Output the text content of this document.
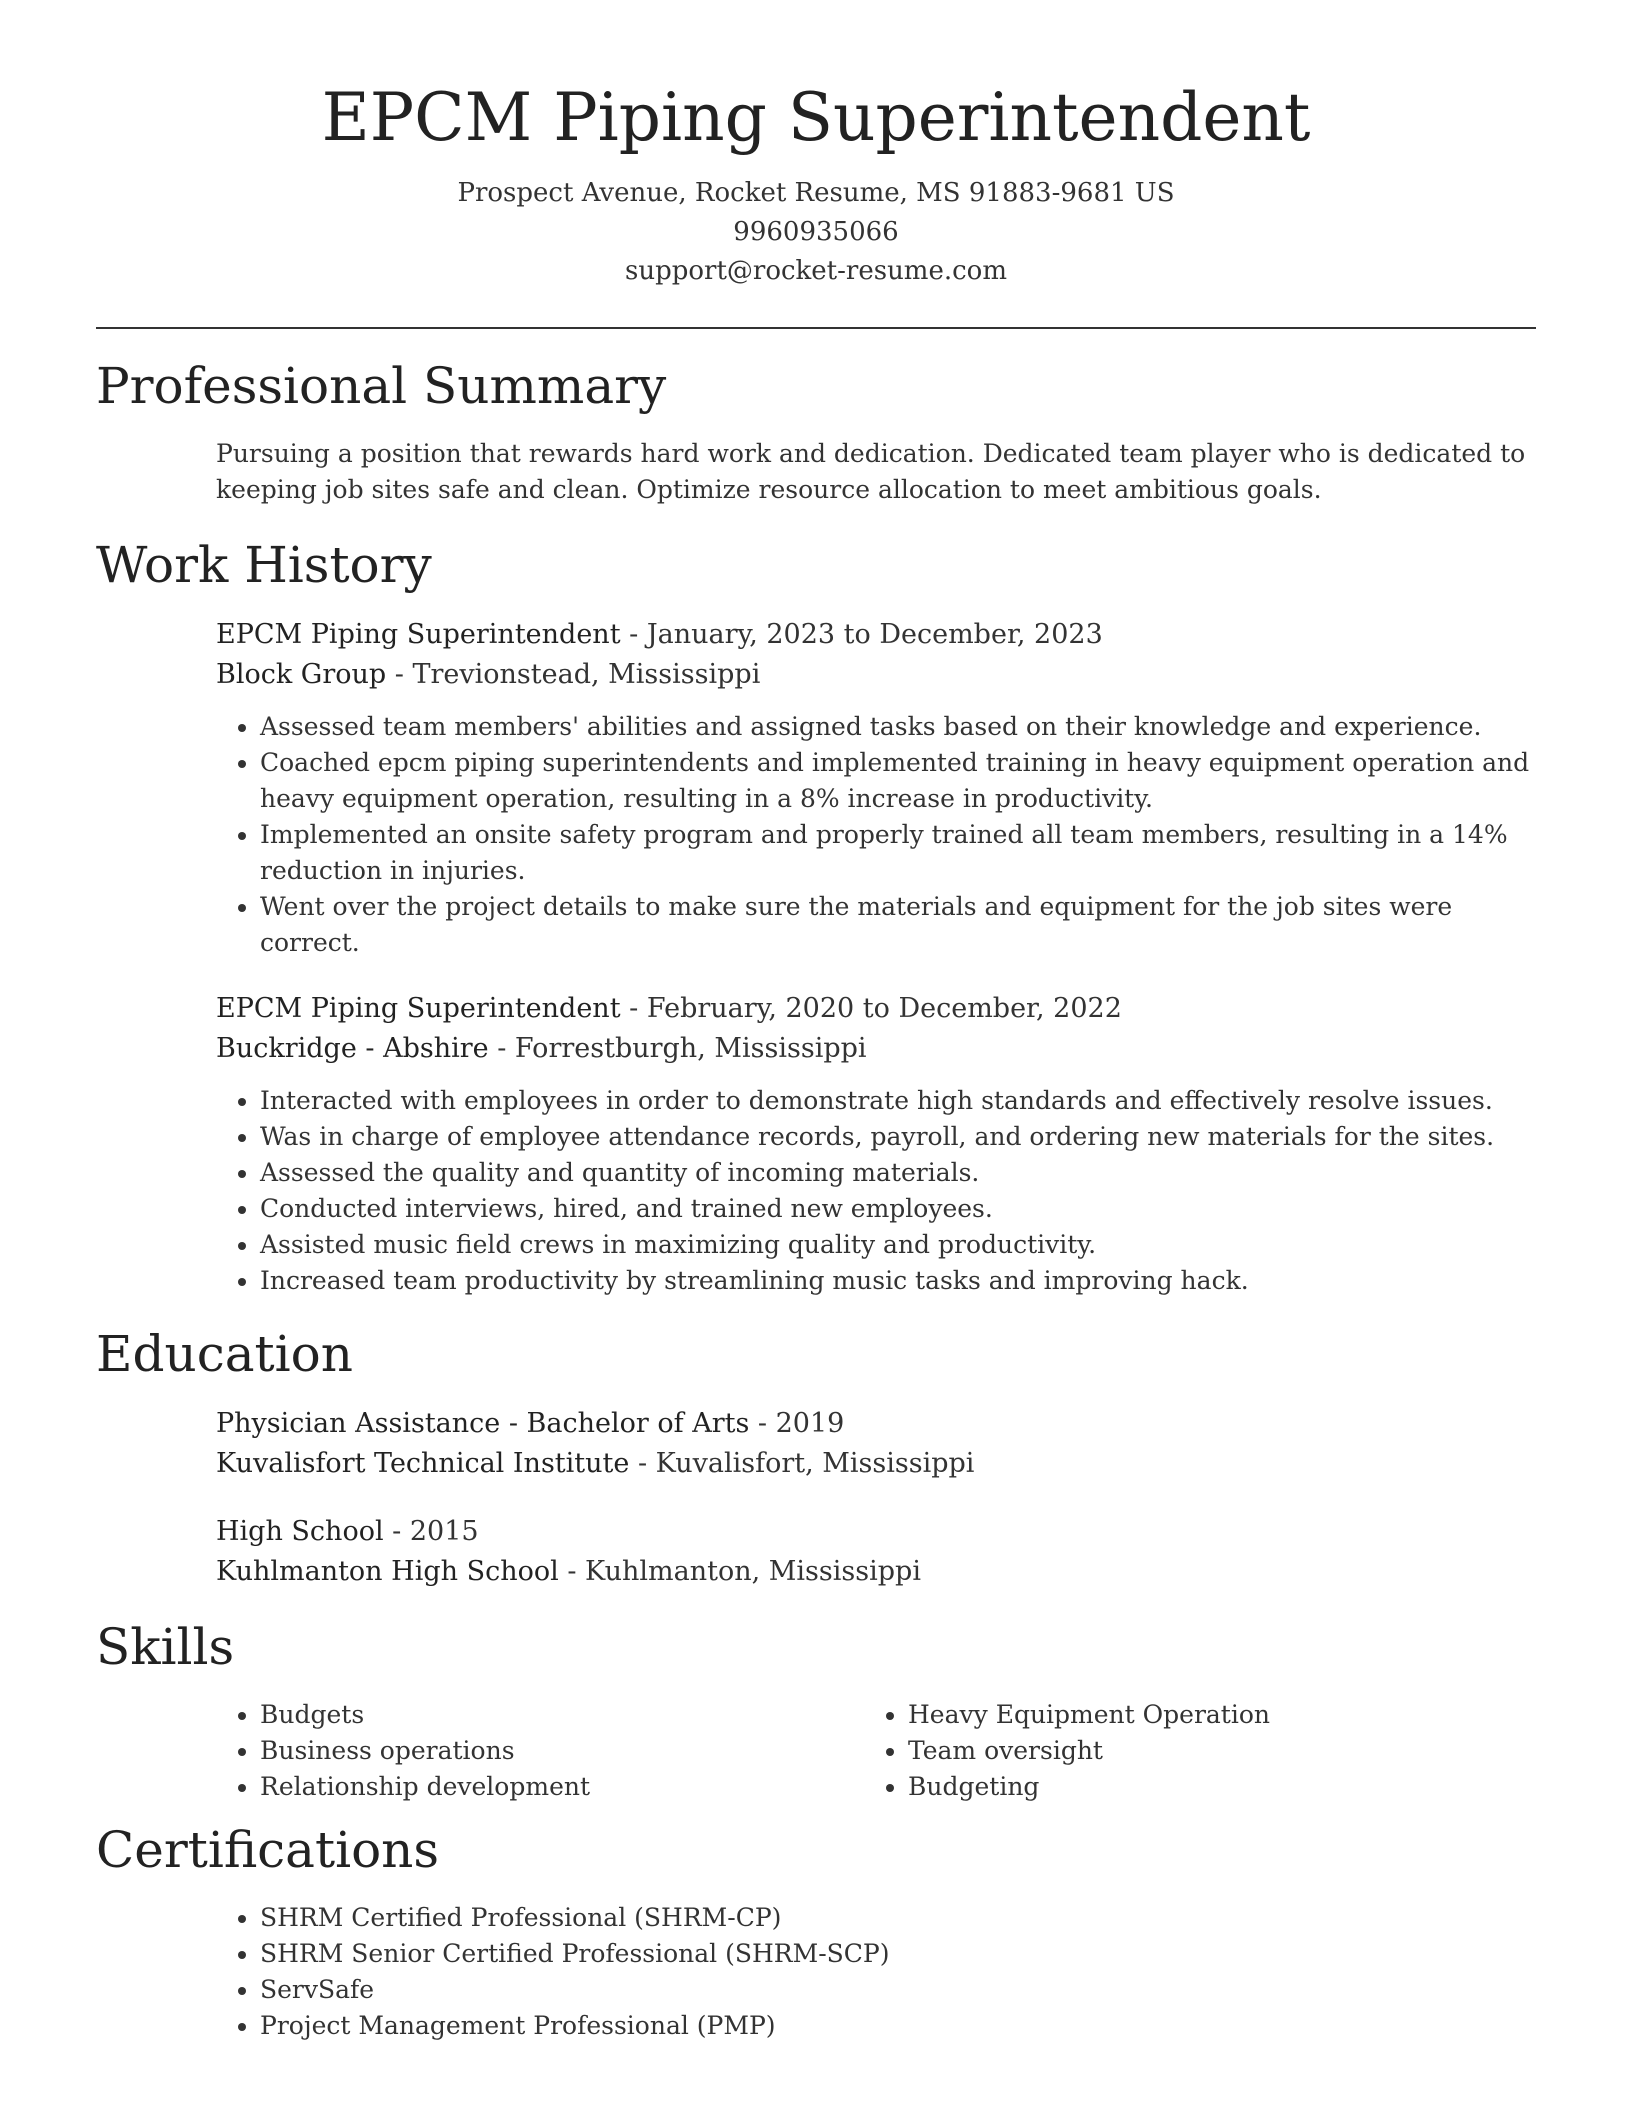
EPCM Piping Superintendent
Prospect Avenue, Rocket Resume, MS 91883-9681 US
9960935066
support@rocket-resume.com
Professional Summary

Pursuing a position that rewards hard work and dedication. Dedicated team player who is dedicated to keeping job sites safe and clean. Optimize resource allocation to meet ambitious goals.

Work History
EPCM Piping Superintendent - January, 2023 to December, 2023
Block Group - Trevionstead, Mississippi
• Assessed team members' abilities and assigned tasks based on their knowledge and experience.
• Coached epcm piping superintendents and implemented training in heavy equipment operation and heavy equipment operation, resulting in a 8% increase in productivity.
• Implemented an onsite safety program and properly trained all team members, resulting in a 14% reduction in injuries.
• Went over the project details to make sure the materials and equipment for the job sites were correct.
EPCM Piping Superintendent - February, 2020 to December, 2022
Buckridge - Abshire - Forrestburgh, Mississippi
• Interacted with employees in order to demonstrate high standards and effectively resolve issues.
• Was in charge of employee attendance records, payroll, and ordering new materials for the sites.
• Assessed the quality and quantity of incoming materials.
• Conducted interviews, hired, and trained new employees.
• Assisted music field crews in maximizing quality and productivity.
• Increased team productivity by streamlining music tasks and improving hack.
Education
Physician Assistance - Bachelor of Arts - 2019
Kuvalisfort Technical Institute - Kuvalisfort, Mississippi
High School - 2015
Kuhlmanton High School - Kuhlmanton, Mississippi
Skills
• Budgets
• Business operations
• Relationship development
• Heavy Equipment Operation
• Team oversight
• Budgeting
Certifications
• SHRM Certified Professional (SHRM-CP)
• SHRM Senior Certified Professional (SHRM-SCP)
• ServSafe
• Project Management Professional (PMP)
